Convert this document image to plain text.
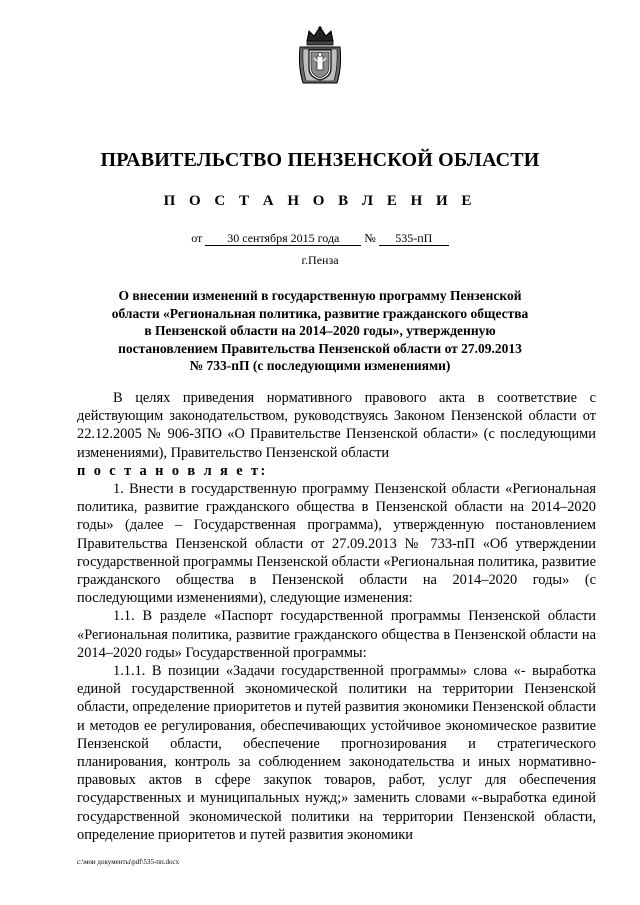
ПРАВИТЕЛЬСТВО ПЕНЗЕНСКОЙ ОБЛАСТИ
П О С Т А Н О В Л Е Н И Е
от 30 сентября 2015 года № 535-пП
г.Пенза
О внесении изменений в государственную программу Пензенской области «Региональная политика, развитие гражданского общества в Пензенской области на 2014–2020 годы», утвержденную постановлением Правительства Пензенской области от 27.09.2013 № 733-пП (с последующими изменениями)

В целях приведения нормативного правового акта в соответствие с действующим законодательством, руководствуясь Законом Пензенской области от 22.12.2005 № 906-ЗПО «О Правительстве Пензенской области» (с последующими изменениями), Правительство Пензенской области
п о с т а н о в л я е т:

1. Внести в государственную программу Пензенской области «Региональная политика, развитие гражданского общества в Пензенской области на 2014–2020 годы» (далее – Государственная программа), утвержденную постановлением Правительства Пензенской области от 27.09.2013 № 733-пП «Об утверждении государственной программы Пензенской области «Региональная политика, развитие гражданского общества в Пензенской области на 2014–2020 годы» (с последующими изменениями), следующие изменения:

1.1. В разделе «Паспорт государственной программы Пензенской области «Региональная политика, развитие гражданского общества в Пензенской области на 2014–2020 годы» Государственной программы:

1.1.1. В позиции «Задачи государственной программы» слова «- выработка единой государственной экономической политики на территории Пензенской области, определение приоритетов и путей развития экономики Пензенской области и методов ее регулирования, обеспечивающих устойчивое экономическое развитие Пензенской области, обеспечение прогнозирования и стратегического планирования, контроль за соблюдением законодательства и иных нормативно-правовых актов в сфере закупок товаров, работ, услуг для обеспечения государственных и муниципальных нужд;» заменить словами «-выработка единой государственной экономической политики на территории Пензенской области, определение приоритетов и путей развития экономики

c:\мои документы\pdf\535-пп.docx
